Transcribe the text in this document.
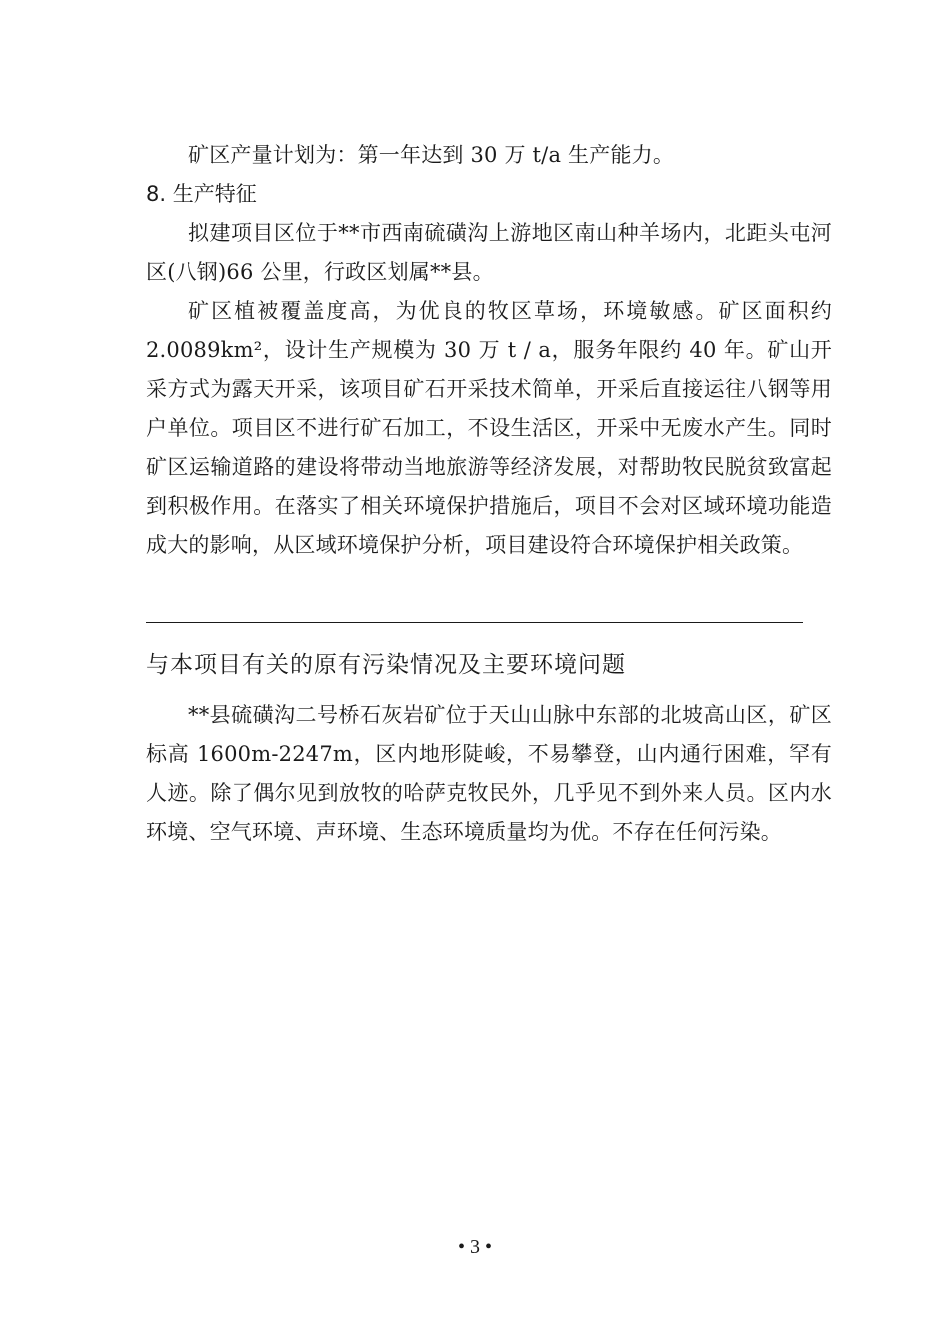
矿区产量计划为：第一年达到 30 万 t/a 生产能力。

8. 生产特征

拟建项目区位于**市西南硫磺沟上游地区南山种羊场内，北距头屯河区(八钢)66 公里，行政区划属**县。

矿区植被覆盖度高，为优良的牧区草场，环境敏感。矿区面积约 2.0089km²，设计生产规模为 30 万 t / a，服务年限约 40 年。矿山开采方式为露天开采，该项目矿石开采技术简单，开采后直接运往八钢等用户单位。项目区不进行矿石加工，不设生活区，开采中无废水产生。同时矿区运输道路的建设将带动当地旅游等经济发展，对帮助牧民脱贫致富起到积极作用。在落实了相关环境保护措施后，项目不会对区域环境功能造成大的影响，从区域环境保护分析，项目建设符合环境保护相关政策。

与本项目有关的原有污染情况及主要环境问题

**县硫磺沟二号桥石灰岩矿位于天山山脉中东部的北坡高山区，矿区标高 1600m-2247m，区内地形陡峻，不易攀登，山内通行困难，罕有人迹。除了偶尔见到放牧的哈萨克牧民外，几乎见不到外来人员。区内水环境、空气环境、声环境、生态环境质量均为优。不存在任何污染。

• 3 •
